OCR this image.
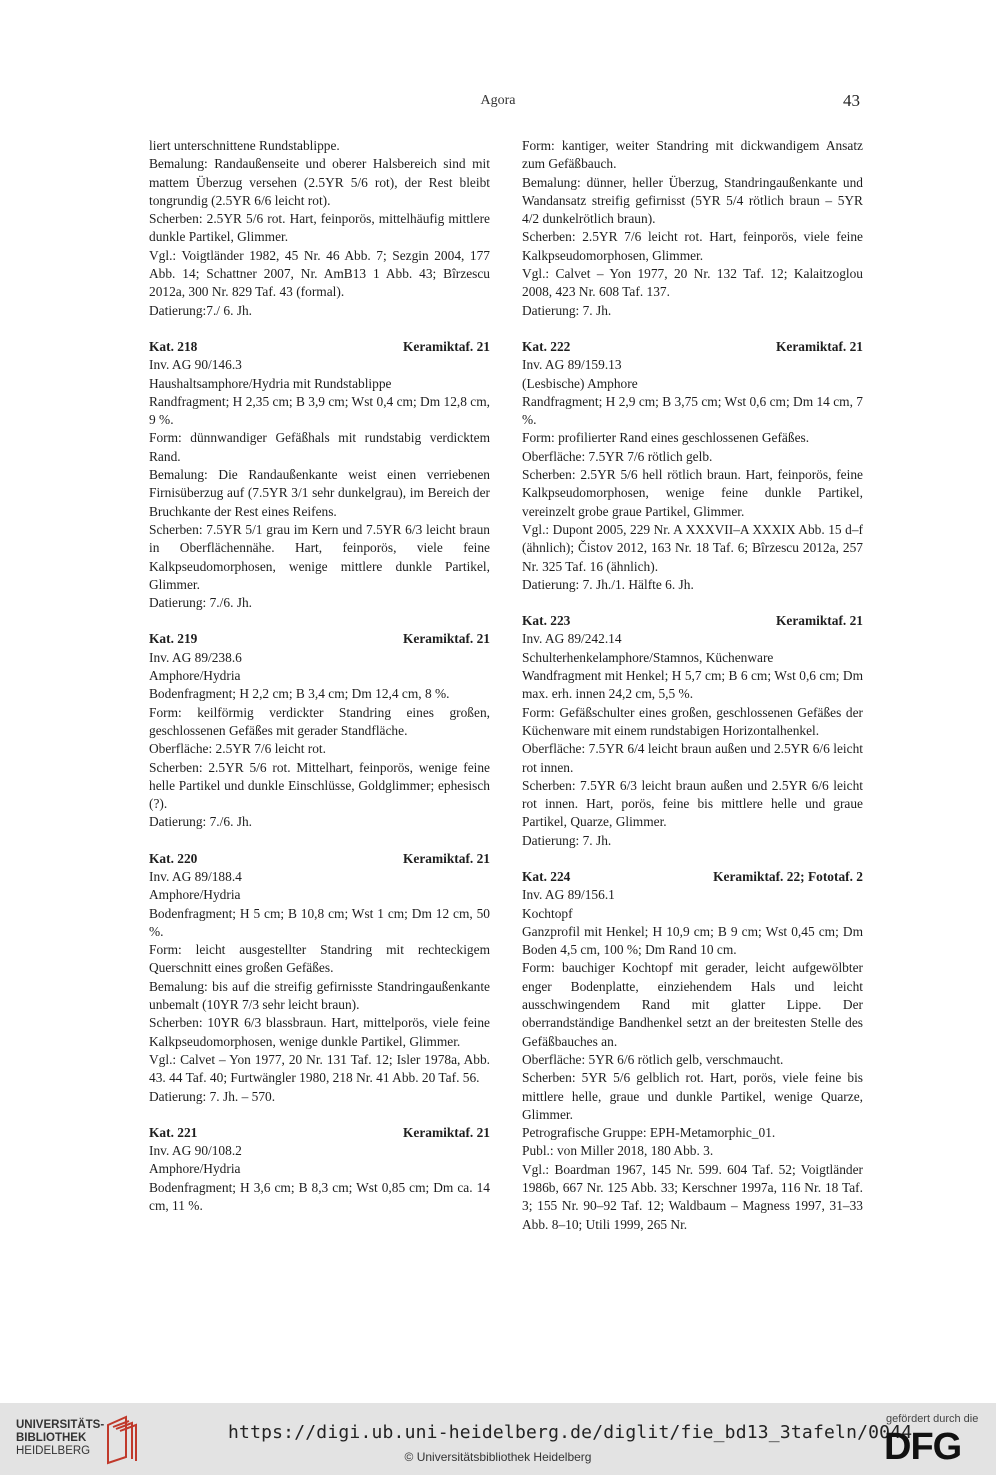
Agora	43

liert unterschnittene Rundstablippe.

Bemalung: Randaußenseite und oberer Halsbereich sind mit mattem Überzug versehen (2.5YR 5/6 rot), der Rest bleibt tongrundig (2.5YR 6/6 leicht rot).

Scherben: 2.5YR 5/6 rot. Hart, feinporös, mittelhäufig mittlere dunkle Partikel, Glimmer.

Vgl.: Voigtländer 1982, 45 Nr. 46 Abb. 7; Sezgin 2004, 177 Abb. 14; Schattner 2007, Nr. AmB13 1 Abb. 43; Bîrzescu 2012a, 300 Nr. 829 Taf. 43 (formal).

Datierung:7./ 6. Jh.

Kat. 218	Keramiktaf. 21

Inv. AG 90/146.3

Haushaltsamphore/Hydria mit Rundstablippe

Randfragment; H 2,35 cm; B 3,9 cm; Wst 0,4 cm; Dm 12,8 cm, 9 %.

Form: dünnwandiger Gefäßhals mit rundstabig verdicktem Rand.

Bemalung: Die Randaußenkante weist einen verriebenen Firnisüberzug auf (7.5YR 3/1 sehr dunkelgrau), im Bereich der Bruchkante der Rest eines Reifens.

Scherben: 7.5YR 5/1 grau im Kern und 7.5YR 6/3 leicht braun in Oberflächennähe. Hart, feinporös, viele feine Kalkpseudomorphosen, wenige mittlere dunkle Partikel, Glimmer.

Datierung: 7./6. Jh.

Kat. 219	Keramiktaf. 21

Inv. AG 89/238.6

Amphore/Hydria

Bodenfragment; H 2,2 cm; B 3,4 cm; Dm 12,4 cm, 8 %.

Form: keilförmig verdickter Standring eines großen, geschlossenen Gefäßes mit gerader Standfläche.

Oberfläche: 2.5YR 7/6 leicht rot.

Scherben: 2.5YR 5/6 rot. Mittelhart, feinporös, wenige feine helle Partikel und dunkle Einschlüsse, Goldglimmer; ephesisch (?).

Datierung: 7./6. Jh.

Kat. 220	Keramiktaf. 21

Inv. AG 89/188.4

Amphore/Hydria

Bodenfragment; H 5 cm; B 10,8 cm; Wst 1 cm; Dm 12 cm, 50 %.

Form: leicht ausgestellter Standring mit rechteckigem Querschnitt eines großen Gefäßes.

Bemalung: bis auf die streifig gefirnisste Standringaußenkante unbemalt (10YR 7/3 sehr leicht braun).

Scherben: 10YR 6/3 blassbraun. Hart, mittelporös, viele feine Kalkpseudomorphosen, wenige dunkle Partikel, Glimmer.

Vgl.: Calvet – Yon 1977, 20 Nr. 131 Taf. 12; Isler 1978a, Abb. 43. 44 Taf. 40; Furtwängler 1980, 218 Nr. 41 Abb. 20 Taf. 56.

Datierung: 7. Jh. – 570.

Kat. 221	Keramiktaf. 21

Inv. AG 90/108.2

Amphore/Hydria

Bodenfragment; H 3,6 cm; B 8,3 cm; Wst 0,85 cm; Dm ca. 14 cm, 11 %.

Form: kantiger, weiter Standring mit dickwandigem Ansatz zum Gefäßbauch.

Bemalung: dünner, heller Überzug, Standringaußenkante und Wandansatz streifig gefirnisst (5YR 5/4 rötlich braun – 5YR 4/2 dunkelrötlich braun).

Scherben: 2.5YR 7/6 leicht rot. Hart, feinporös, viele feine Kalkpseudomorphosen, Glimmer.

Vgl.: Calvet – Yon 1977, 20 Nr. 132 Taf. 12; Kalaitzoglou 2008, 423 Nr. 608 Taf. 137.

Datierung: 7. Jh.

Kat. 222	Keramiktaf. 21

Inv. AG 89/159.13

(Lesbische) Amphore

Randfragment; H 2,9 cm; B 3,75 cm; Wst 0,6 cm; Dm 14 cm, 7 %.

Form: profilierter Rand eines geschlossenen Gefäßes.

Oberfläche: 7.5YR 7/6 rötlich gelb.

Scherben: 2.5YR 5/6 hell rötlich braun. Hart, feinporös, feine Kalkpseudomorphosen, wenige feine dunkle Partikel, vereinzelt grobe graue Partikel, Glimmer.

Vgl.: Dupont 2005, 229 Nr. A XXXVII–A XXXIX Abb. 15 d–f (ähnlich); Čistov 2012, 163 Nr. 18 Taf. 6; Bîrzescu 2012a, 257 Nr. 325 Taf. 16 (ähnlich).

Datierung: 7. Jh./1. Hälfte 6. Jh.

Kat. 223	Keramiktaf. 21

Inv. AG 89/242.14

Schulterhenkelamphore/Stamnos, Küchenware

Wandfragment mit Henkel; H 5,7 cm; B 6 cm; Wst 0,6 cm; Dm max. erh. innen 24,2 cm, 5,5 %.

Form: Gefäßschulter eines großen, geschlossenen Gefäßes der Küchenware mit einem rundstabigen Horizontalhenkel.

Oberfläche: 7.5YR 6/4 leicht braun außen und 2.5YR 6/6 leicht rot innen.

Scherben: 7.5YR 6/3 leicht braun außen und 2.5YR 6/6 leicht rot innen. Hart, porös, feine bis mittlere helle und graue Partikel, Quarze, Glimmer.

Datierung: 7. Jh.

Kat. 224	Keramiktaf. 22; Fototaf. 2

Inv. AG 89/156.1

Kochtopf

Ganzprofil mit Henkel; H 10,9 cm; B 9 cm; Wst 0,45 cm; Dm Boden 4,5 cm, 100 %; Dm Rand 10 cm.

Form: bauchiger Kochtopf mit gerader, leicht aufgewölbter enger Bodenplatte, einziehendem Hals und leicht ausschwingendem Rand mit glatter Lippe. Der oberrandständige Bandhenkel setzt an der breitesten Stelle des Gefäßbauches an.

Oberfläche: 5YR 6/6 rötlich gelb, verschmaucht.

Scherben: 5YR 5/6 gelblich rot. Hart, porös, viele feine bis mittlere helle, graue und dunkle Partikel, wenige Quarze, Glimmer.

Petrografische Gruppe: EPH-Metamorphic_01.

Publ.: von Miller 2018, 180 Abb. 3.

Vgl.: Boardman 1967, 145 Nr. 599. 604 Taf. 52; Voigtländer 1986b, 667 Nr. 125 Abb. 33; Kerschner 1997a, 116 Nr. 18 Taf. 3; 155 Nr. 90–92 Taf. 12; Waldbaum – Magness 1997, 31–33 Abb. 8–10; Utili 1999, 265 Nr.

UNIVERSITÄTS-
BIBLIOTHEK
HEIDELBERG
https://digi.ub.uni-heidelberg.de/diglit/fie_bd13_3tafeln/0044
© Universitätsbibliothek Heidelberg
gefördert durch die
DFG
